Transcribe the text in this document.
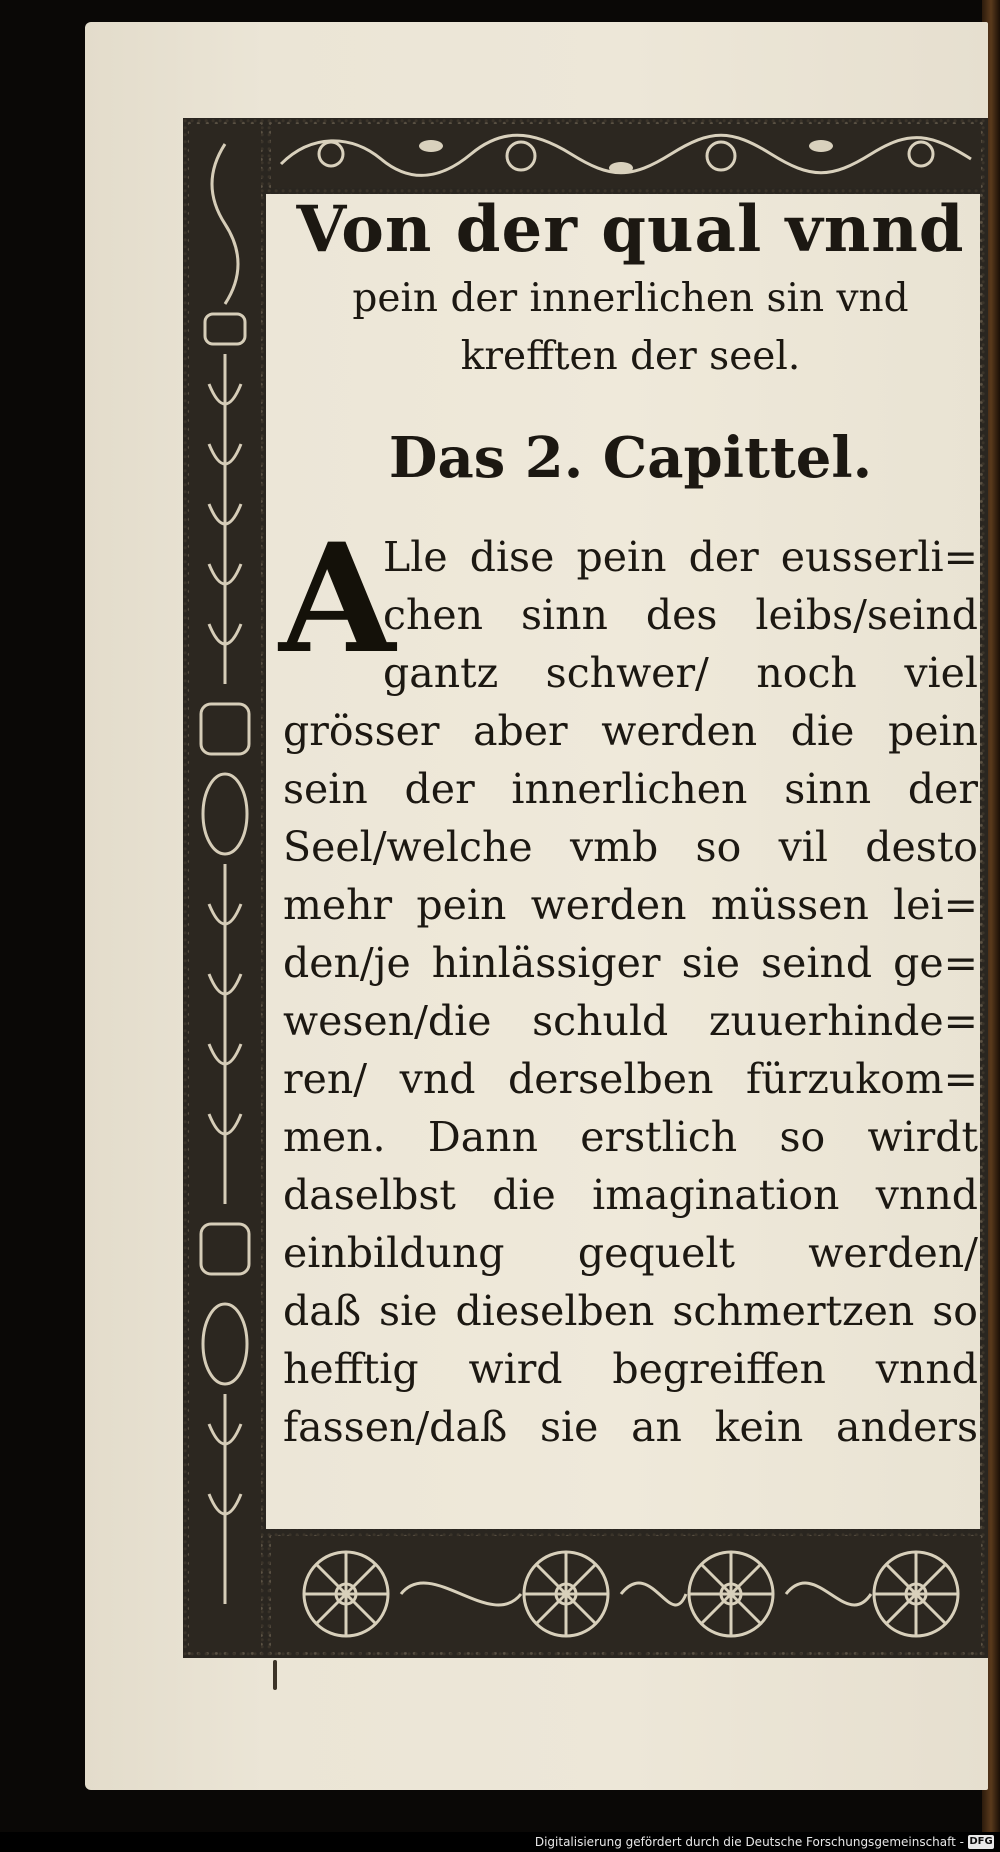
Von der qual vnnd

pein der innerlichen sin vnd

krefften der seel.

Das 2. Capittel.

A
Lle dise pein der eusserli=
chen sinn des leibs/seind
gantz schwer/ noch viel
grösser aber werden die pein
sein der innerlichen sinn der
Seel/welche vmb so vil desto
mehr pein werden müssen lei=
den/je hinlässiger sie seind ge=
wesen/die schuld zuuerhinde=
ren/ vnd derselben fürzukom=
men. Dann erstlich so wirdt
daselbst die imagination vnnd
einbildung gequelt werden/
daß sie dieselben schmertzen so
hefftig wird begreiffen vnnd
fassen/daß sie an kein anders
Digitalisierung gefördert durch die Deutsche Forschungsgemeinschaft - DFG
